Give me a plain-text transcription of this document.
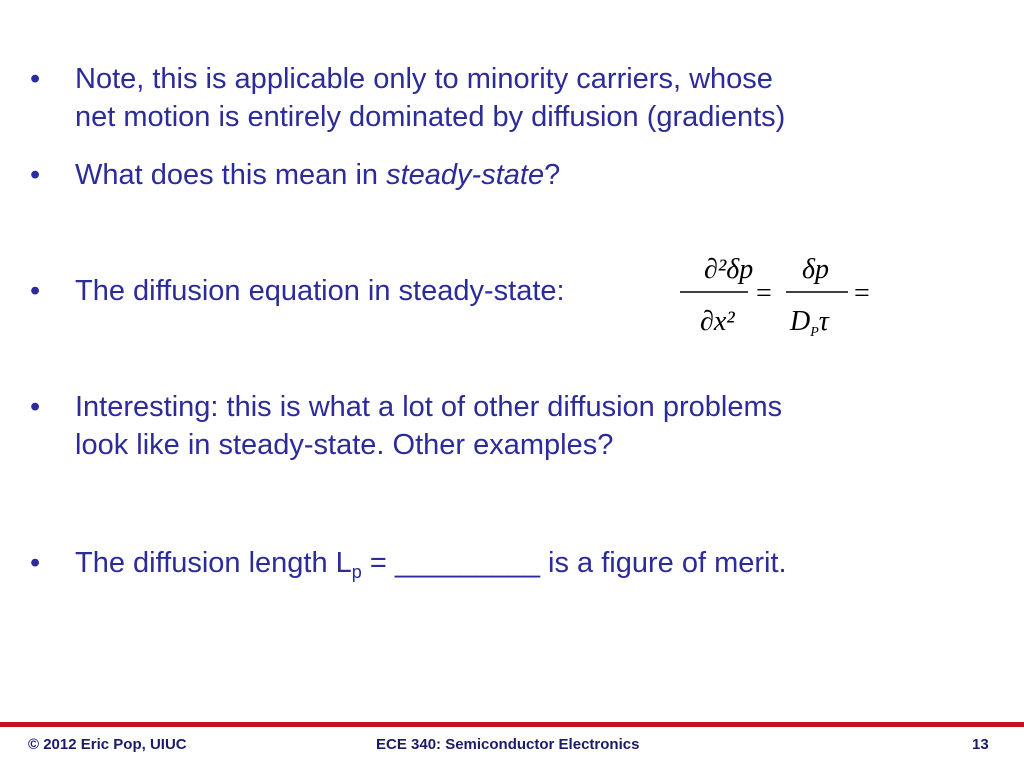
•	Note, this is applicable only to minority carriers, whose
net motion is entirely dominated by diffusion (gradients)
•	What does this mean in steady-state?
•	The diffusion equation in steady-state:
∂²δp
∂x²
=
δp
$D_P\tau$
=
•	Interesting: this is what a lot of other diffusion problems
look like in steady-state. Other examples?
•	The diffusion length $L_p$ = _________ is a figure of merit.
© 2012 Eric Pop, UIUC	ECE 340: Semiconductor Electronics	13
